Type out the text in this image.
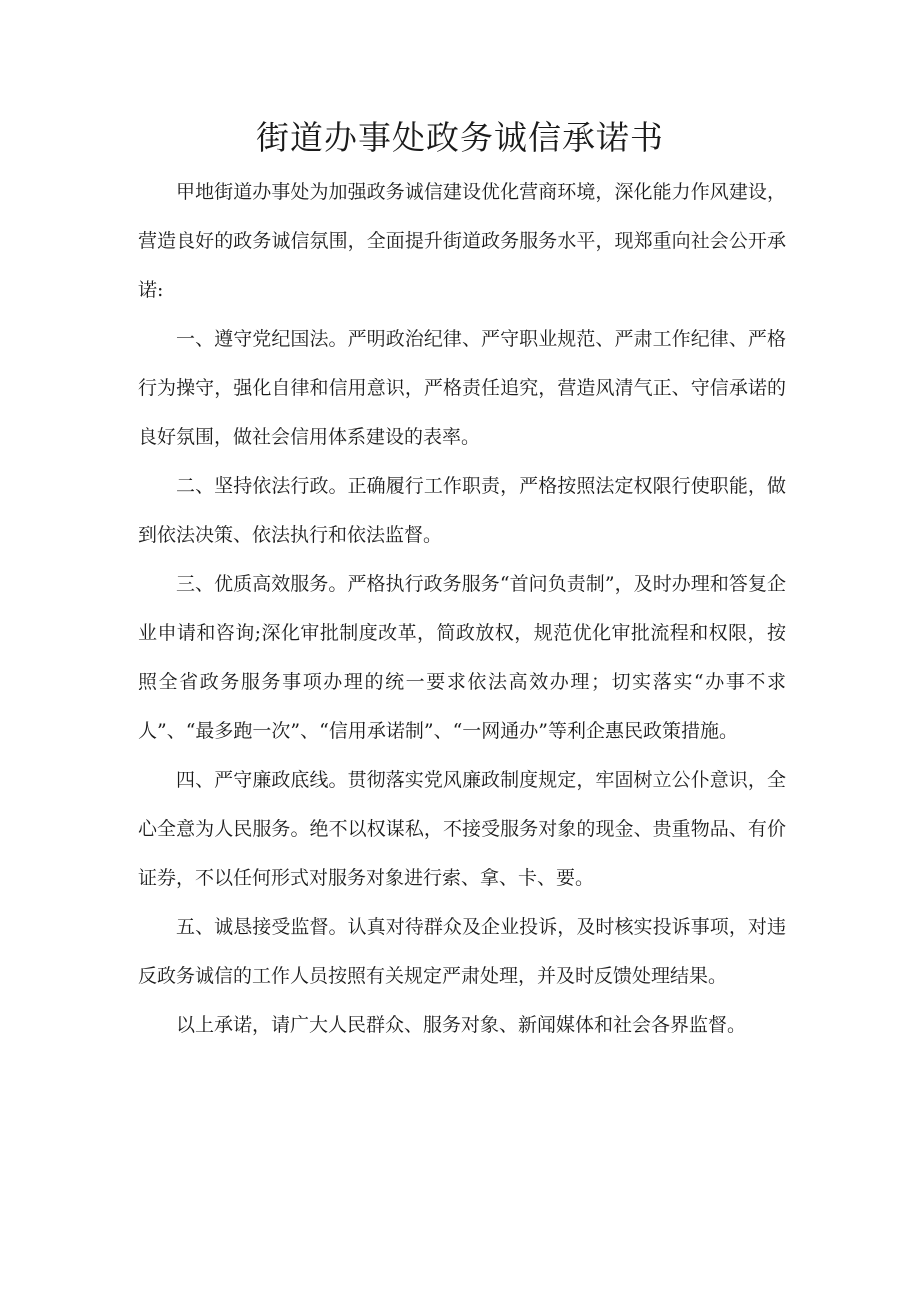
街道办事处政务诚信承诺书

甲地街道办事处为加强政务诚信建设优化营商环境，深化能力作风建设，营造良好的政务诚信氛围，全面提升街道政务服务水平，现郑重向社会公开承诺:

一、遵守党纪国法。严明政治纪律、严守职业规范、严肃工作纪律、严格行为操守，强化自律和信用意识，严格责任追究，营造风清气正、守信承诺的良好氛围，做社会信用体系建设的表率。

二、坚持依法行政。正确履行工作职责，严格按照法定权限行使职能，做到依法决策、依法执行和依法监督。

三、优质高效服务。严格执行政务服务“首问负责制”，及时办理和答复企业申请和咨询;深化审批制度改革，简政放权，规范优化审批流程和权限，按照全省政务服务事项办理的统一要求依法高效办理；切实落实“办事不求人”、“最多跑一次”、“信用承诺制”、“一网通办”等利企惠民政策措施。

四、严守廉政底线。贯彻落实党风廉政制度规定，牢固树立公仆意识，全心全意为人民服务。绝不以权谋私，不接受服务对象的现金、贵重物品、有价证券，不以任何形式对服务对象进行索、拿、卡、要。

五、诚恳接受监督。认真对待群众及企业投诉，及时核实投诉事项，对违反政务诚信的工作人员按照有关规定严肃处理，并及时反馈处理结果。

以上承诺，请广大人民群众、服务对象、新闻媒体和社会各界监督。
